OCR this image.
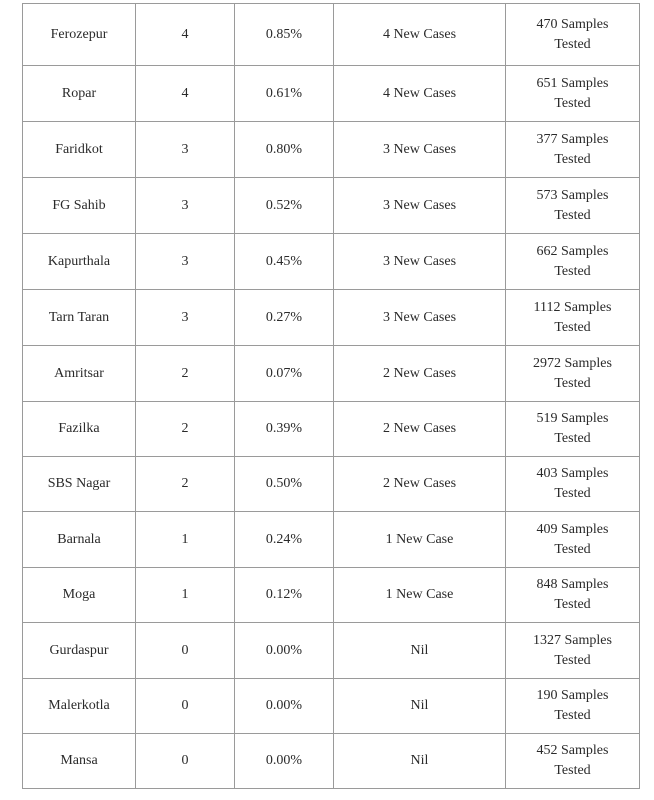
Ferozepur	4	0.85%	4 New Cases	470 Samples
Tested

Ropar	4	0.61%	4 New Cases	651 Samples
Tested

Faridkot	3	0.80%	3 New Cases	377 Samples
Tested

FG Sahib	3	0.52%	3 New Cases	573 Samples
Tested

Kapurthala	3	0.45%	3 New Cases	662 Samples
Tested

Tarn Taran	3	0.27%	3 New Cases	1112 Samples
Tested

Amritsar	2	0.07%	2 New Cases	2972 Samples
Tested

Fazilka	2	0.39%	2 New Cases	519 Samples
Tested

SBS Nagar	2	0.50%	2 New Cases	403 Samples
Tested

Barnala	1	0.24%	1 New Case	409 Samples
Tested

Moga	1	0.12%	1 New Case	848 Samples
Tested

Gurdaspur	0	0.00%	Nil	1327 Samples
Tested

Malerkotla	0	0.00%	Nil	190 Samples
Tested

Mansa	0	0.00%	Nil	452 Samples
Tested
